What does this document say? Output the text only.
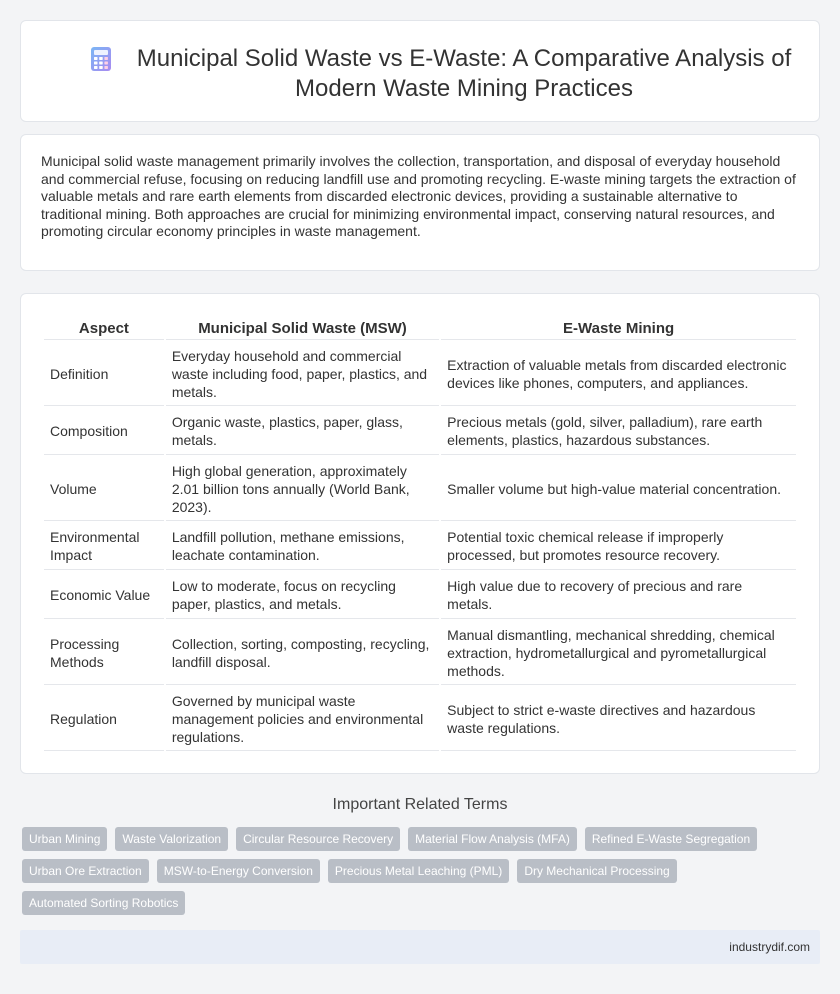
Municipal Solid Waste vs E-Waste: A Comparative Analysis of Modern Waste Mining Practices

Municipal solid waste management primarily involves the collection, transportation, and disposal of everyday household and commercial refuse, focusing on reducing landfill use and promoting recycling. E-waste mining targets the extraction of valuable metals and rare earth elements from discarded electronic devices, providing a sustainable alternative to traditional mining. Both approaches are crucial for minimizing environmental impact, conserving natural resources, and promoting circular economy principles in waste management.

Aspect	Municipal Solid Waste (MSW)	E-Waste Mining
Definition	Everyday household and commercial waste including food, paper, plastics, and metals.	Extraction of valuable metals from discarded electronic devices like phones, computers, and appliances.
Composition	Organic waste, plastics, paper, glass, metals.	Precious metals (gold, silver, palladium), rare earth elements, plastics, hazardous substances.
Volume	High global generation, approximately 2.01 billion tons annually (World Bank, 2023).	Smaller volume but high-value material concentration.
Environmental Impact	Landfill pollution, methane emissions, leachate contamination.	Potential toxic chemical release if improperly processed, but promotes resource recovery.
Economic Value	Low to moderate, focus on recycling paper, plastics, and metals.	High value due to recovery of precious and rare metals.
Processing Methods	Collection, sorting, composting, recycling, landfill disposal.	Manual dismantling, mechanical shredding, chemical extraction, hydrometallurgical and pyrometallurgical methods.
Regulation	Governed by municipal waste management policies and environmental regulations.	Subject to strict e-waste directives and hazardous waste regulations.
Important Related Terms
Urban Mining	Waste Valorization	Circular Resource Recovery	Material Flow Analysis (MFA)	Refined E-Waste Segregation
Urban Ore Extraction	MSW-to-Energy Conversion	Precious Metal Leaching (PML)	Dry Mechanical Processing
Automated Sorting Robotics
industrydif.com
